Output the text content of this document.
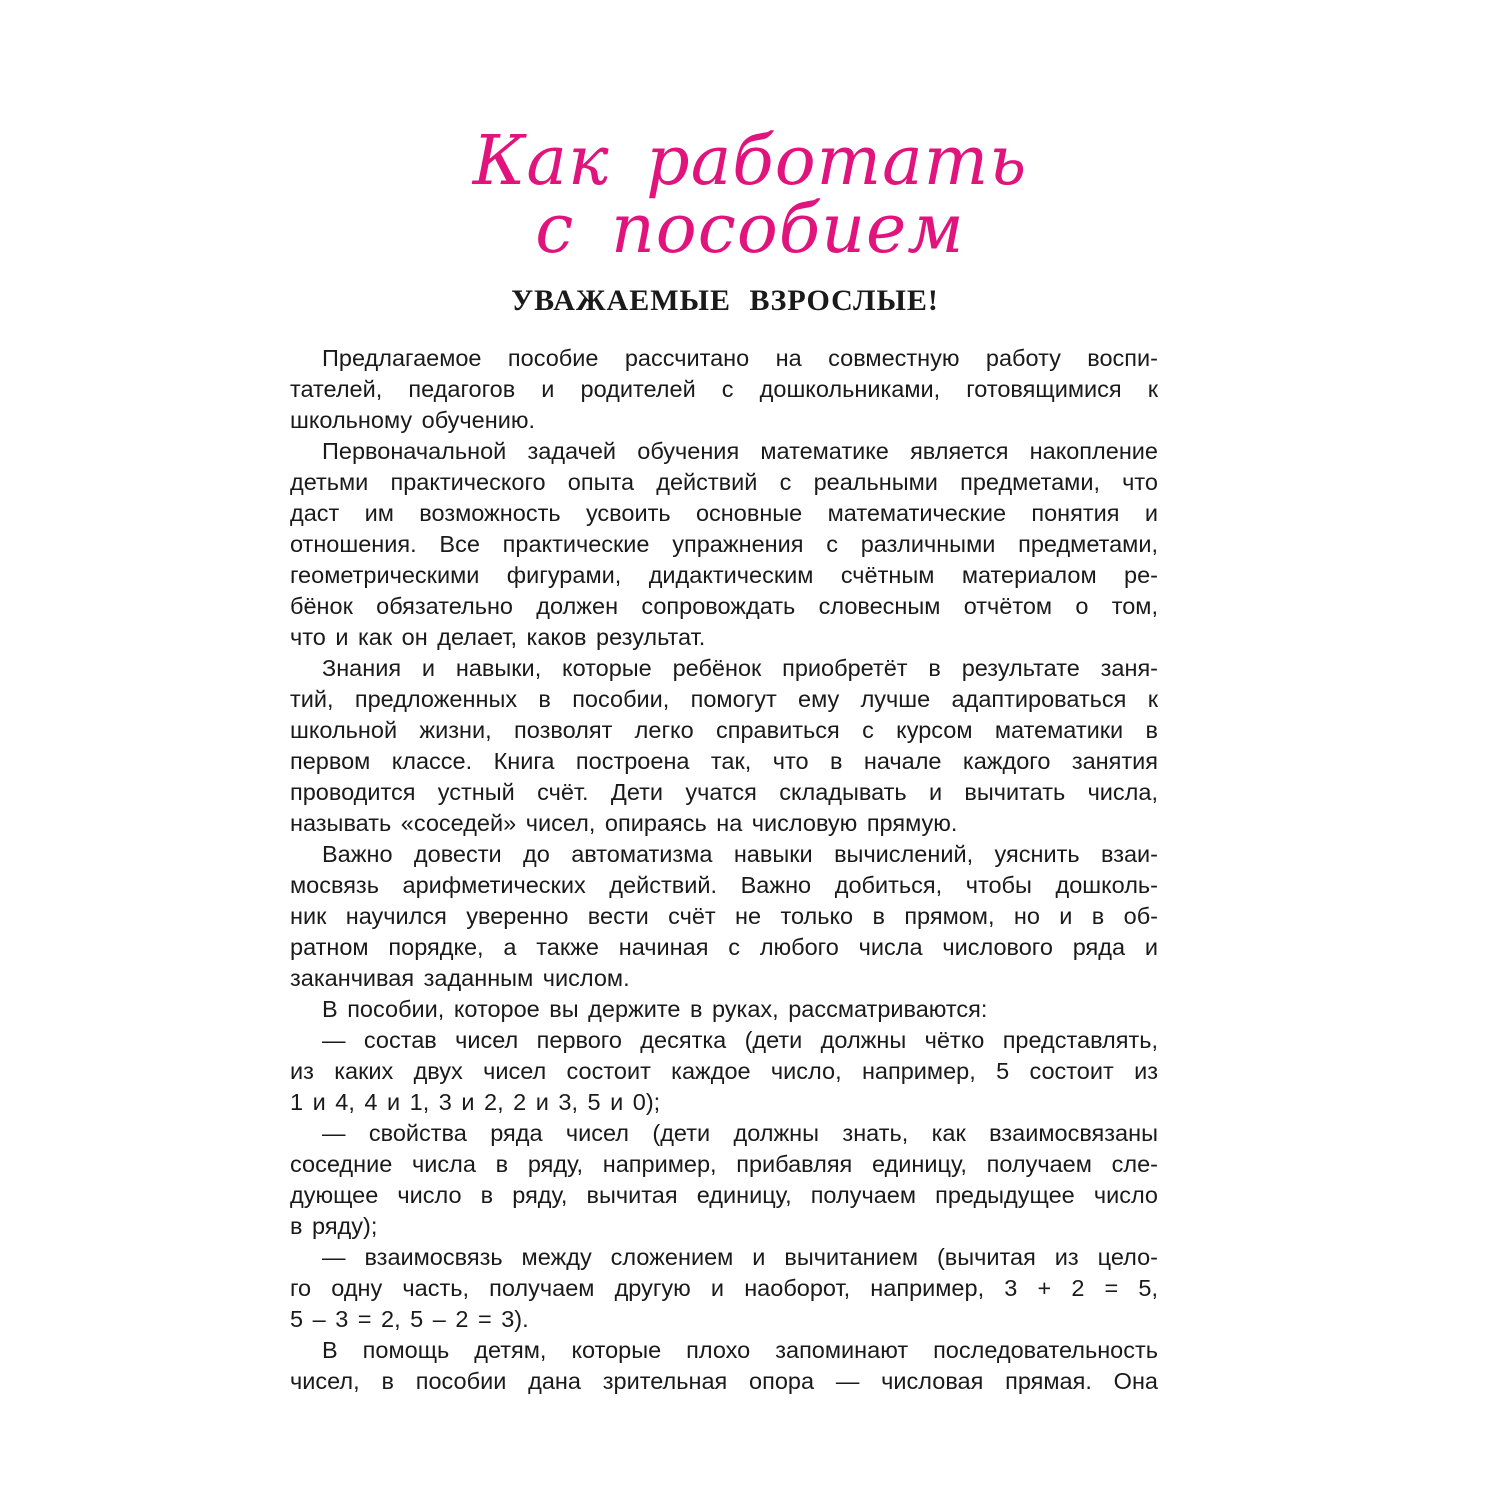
Как работать
с пособием
УВАЖАЕМЫЕ ВЗРОСЛЫЕ!
Предлагаемое пособие рассчитано на совместную работу воспи-
тателей, педагогов и родителей с дошкольниками, готовящимися к
школьному обучению.
Первоначальной задачей обучения математике является накопление
детьми практического опыта действий с реальными предметами, что
даст им возможность усвоить основные математические понятия и
отношения. Все практические упражнения с различными предметами,
геометрическими фигурами, дидактическим счётным материалом ре-
бёнок обязательно должен сопровождать словесным отчётом о том,
что и как он делает, каков результат.
Знания и навыки, которые ребёнок приобретёт в результате заня-
тий, предложенных в пособии, помогут ему лучше адаптироваться к
школьной жизни, позволят легко справиться с курсом математики в
первом классе. Книга построена так, что в начале каждого занятия
проводится устный счёт. Дети учатся складывать и вычитать числа,
называть «соседей» чисел, опираясь на числовую прямую.
Важно довести до автоматизма навыки вычислений, уяснить взаи-
мосвязь арифметических действий. Важно добиться, чтобы дошколь-
ник научился уверенно вести счёт не только в прямом, но и в об-
ратном порядке, а также начиная с любого числа числового ряда и
заканчивая заданным числом.
В пособии, которое вы держите в руках, рассматриваются:
— состав чисел первого десятка (дети должны чётко представлять,
из каких двух чисел состоит каждое число, например, 5 состоит из
1 и 4, 4 и 1, 3 и 2, 2 и 3, 5 и 0);
— свойства ряда чисел (дети должны знать, как взаимосвязаны
соседние числа в ряду, например, прибавляя единицу, получаем сле-
дующее число в ряду, вычитая единицу, получаем предыдущее число
в ряду);
— взаимосвязь между сложением и вычитанием (вычитая из цело-
го одну часть, получаем другую и наоборот, например, 3 + 2 = 5,
5 – 3 = 2, 5 – 2 = 3).
В помощь детям, которые плохо запоминают последовательность
чисел, в пособии дана зрительная опора — числовая прямая. Она
